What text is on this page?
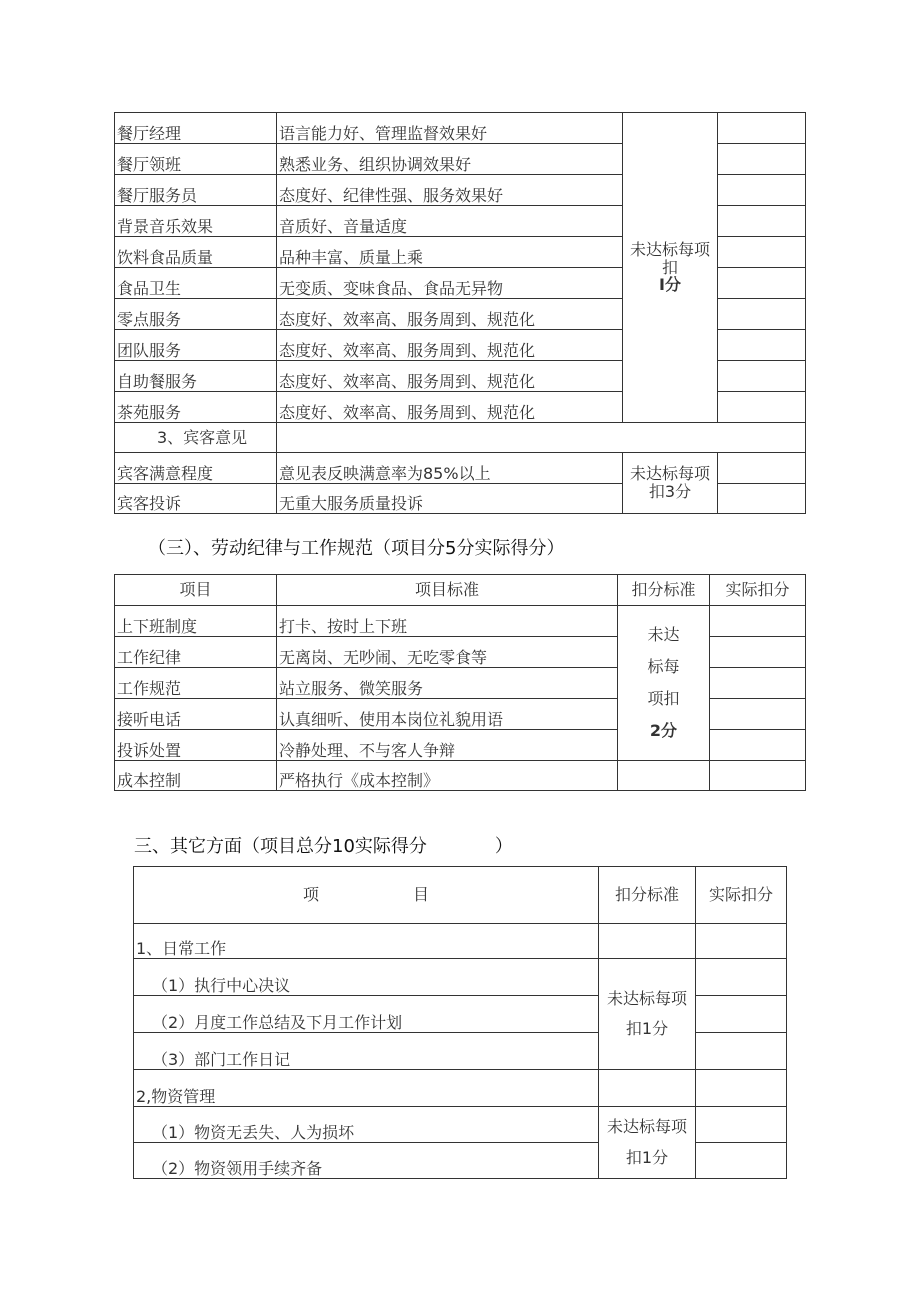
餐厅经理	语言能力好、管理监督效果好	未达标每项
扣
I分	

餐厅领班	熟悉业务、组织协调效果好		
餐厅服务员	态度好、纪律性强、服务效果好		
背景音乐效果	音质好、音量适度		
饮料食品质量	品种丰富、质量上乘		
食品卫生	无变质、变味食品、食品无异物		
零点服务	态度好、效率高、服务周到、规范化		
团队服务	态度好、效率高、服务周到、规范化		
自助餐服务	态度好、效率高、服务周到、规范化		
茶苑服务	态度好、效率高、服务周到、规范化		
3、宾客意见			
宾客满意程度	意见表反映满意率为85%以上	未达标每项
扣3分	

宾客投诉	无重大服务质量投诉		
（三）、劳动纪律与工作规范（项目分5分实际得分）
项目	项目标准	扣分标准	实际扣分
上下班制度	打卡、按时上下班	未达
标每
项扣
2分	

工作纪律	无离岗、无吵闹、无吃零食等		
工作规范	站立服务、微笑服务		
接听电话	认真细听、使用本岗位礼貌用语		
投诉处置	冷静处理、不与客人争辩		
成本控制	严格执行《成本控制》		
三、其它方面（项目总分10实际得分	）
项 目	扣分标准	实际扣分
1、日常工作		
（1）执行中心决议	未达标每项
扣1分	

（2）月度工作总结及下月工作计划		
（3）部门工作日记		
2,物资管理		
（1）物资无丢失、人为损坏	未达标每项
扣1分	

（2）物资领用手续齐备		
